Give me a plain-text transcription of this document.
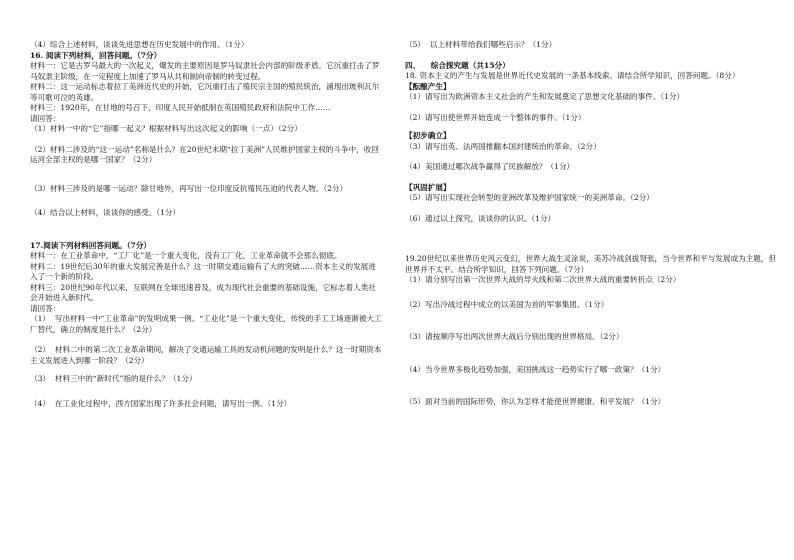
（4）综合上述材料，谈谈先进思想在历史发展中的作用。（1分）
16. 阅读下列材料，回答问题。（7分）
材料一：它是古罗马最大的一次起义，爆发的主要原因是罗马奴隶社会内部的阶级矛盾。它沉重打击了罗马奴隶主阶级，在一定程度上加速了罗马从共和制向帝制的转变过程。
材料二：这一运动标志着拉丁美洲近代史的开始，它沉重打击了殖民宗主国的殖民统治，涌现出玻利瓦尔等可歌可泣的英雄。
材料三：1920年，在甘地的号召下，印度人民开始抵制在英国殖民政府和法院中工作……
请回答：
（1）材料一中的“它”指哪一起义？根据材料写出这次起义的影响（一点）（2分）
（2）材料二涉及的“这一运动”名称是什么？在20世纪末期“拉丁美洲”人民维护国家主权的斗争中，收回运河全部主权的是哪一国家？（2分）
（3）材料三涉及的是哪一运动？除甘地外，再写出一位印度反抗殖民压迫的代表人物。（2分）
（4）结合以上材料，谈谈你的感受。（1分）
17.阅读下列材料回答问题。（7分）
材料一：在工业革命中，“工厂化”是一个重大变化，没有工厂化，工业革命就不会那么彻底。
材料二：19世纪后30年的重大发展完善是什么？这一时期交通运输有了大的突破……资本主义的发展进入了一个新的阶段。
材料三：20世纪90年代以来，互联网在全球迅速普及，成为现代社会重要的基础设施，它标志着人类社会开始进入新时代。
请回答：
（1）  写出材料一中“工业革命”的发明成果一例。“工业化”是一个重大变化，传统的手工工场逐渐被大工厂替代，确立的制度是什么？（2分）
（2）  材料二中的第二次工业革命期间，解决了交通运输工具的发动机问题的发明是什么？这一时期资本主义发展进入到哪一阶段？（2分）
（3）  材料三中的“新时代”指的是什么？（1分）
（4）  在工业化过程中，西方国家出现了许多社会问题，请写出一例。（1分）
（5）  以上材料带给我们哪些启示？（1分）
四、    综合探究题（共15分）
18. 资本主义的产生与发展是世界近代史发展的一条基本线索。请结合所学知识，回答问题。（8分）
【酝酿产生】
（1）请写出为欧洲资本主义社会的产生和发展奠定了思想文化基础的事件。（1分）
（2）请写出使世界开始连成一个整体的事件。（1分）
【初步确立】
（3）请写出英、法两国推翻本国封建统治的革命。（2分）
（4）美国通过哪次战争赢得了民族解放？（1分）
【巩固扩展】
（5）请写出实现社会转型的亚洲改革及维护国家统一的美洲革命。（2分）
（6）通过以上探究，谈谈你的认识。（1分）
19.20世纪以来世界历史风云变幻，世界大战生灵涂炭，美苏冷战剑拔弩张，当今世界和平与发展成为主题，但世界并不太平。结合所学知识，回答下列问题。（7分）
（1）请分别写出第一次世界大战的导火线和第二次世界大战的重要转折点（2分）
（2）写出冷战过程中成立的以美国为首的军事集团。（1分）
（3）请按顺序写出两次世界大战后分别出现的世界格局。（2分）
（4）当今世界多极化趋势加强，美国挑战这一趋势实行了哪一政策？（1分）
（5）面对当前的国际形势，你认为怎样才能使世界健康、和平发展？（1分）
